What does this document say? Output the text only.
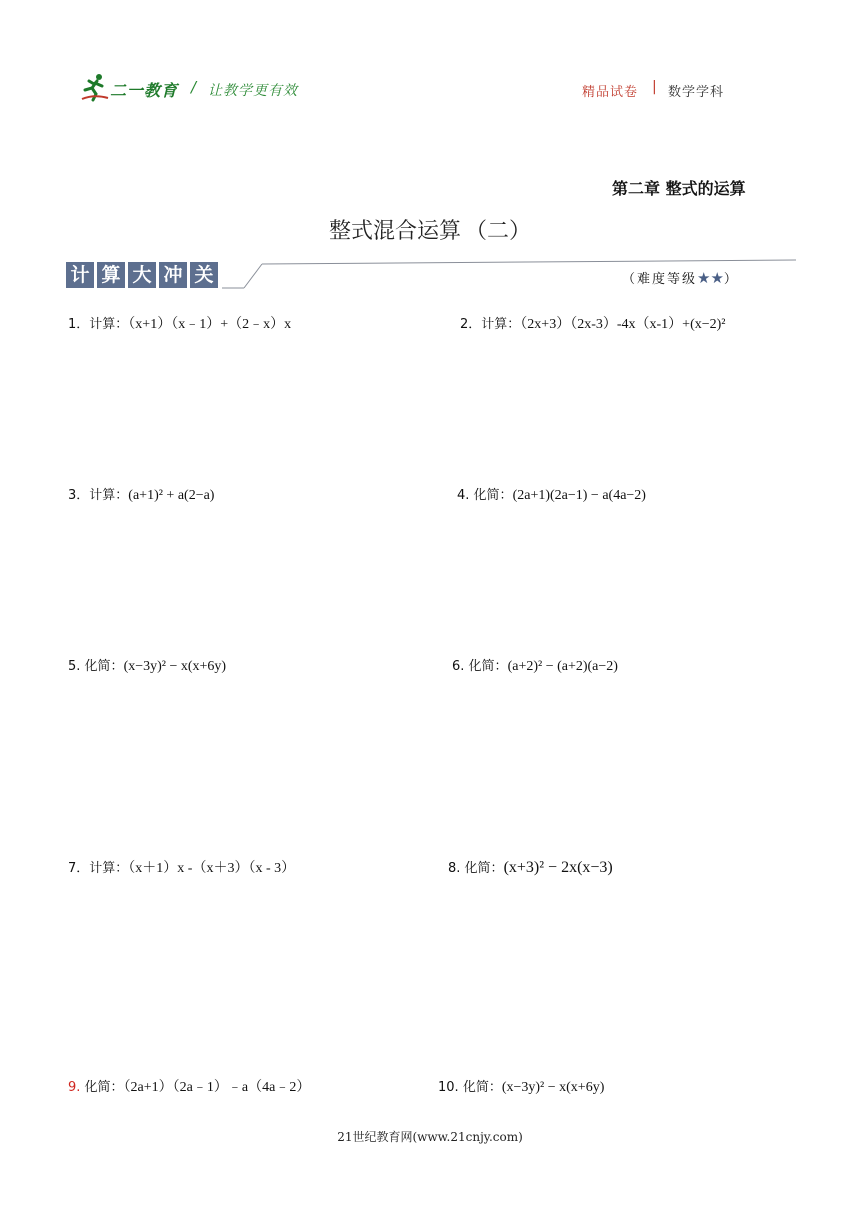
二一教育 / 让教学更有效	精品试卷 | 数学学科
第二章 整式的运算
整式混合运算 （二）
计 算 大 冲 关	（难度等级★★）
1．计算：（x+1）（x﹣1）+（2﹣x）x	2．计算：（2x+3）（2x-3）-4x（x-1）+(x−2)²
3．计算：(a+1)² + a(2−a)	4. 化简：(2a+1)(2a−1) − a(4a−2)
5. 化简：(x−3y)² − x(x+6y)	6. 化简：(a+2)² − (a+2)(a−2)
7．计算：（x＋1）x -（x＋3）（x - 3）	8. 化简：(x+3)² − 2x(x−3)
9. 化简：（2a+1）（2a﹣1）﹣a（4a﹣2）	10. 化简：(x−3y)² − x(x+6y)
21世纪教育网(www.21cnjy.com)
